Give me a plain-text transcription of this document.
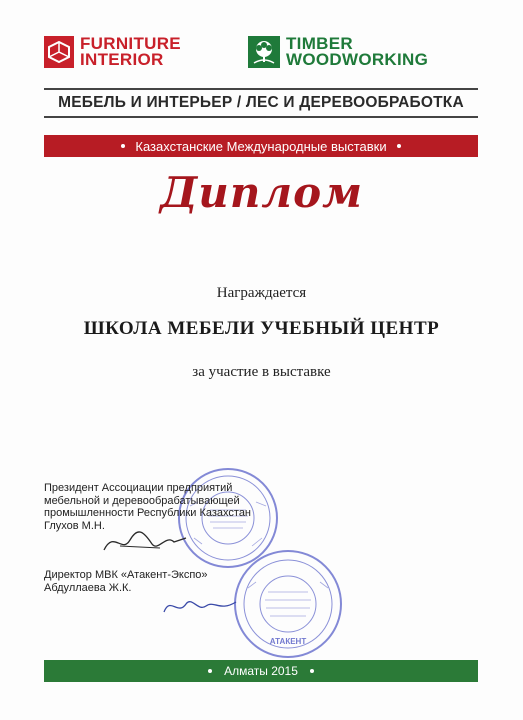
FURNITURE
INTERIOR
TIMBER
WOODWORKING
МЕБЕЛЬ И ИНТЕРЬЕР / ЛЕС И ДЕРЕВООБРАБОТКА
Казахстанские Международные выставки
Диплом
Награждается
ШКОЛА МЕБЕЛИ УЧЕБНЫЙ ЦЕНТР
за участие в выставке
Президент Ассоциации предприятий
мебельной и деревообрабатывающей
промышленности Республики Казахстан
Глухов М.Н.
АТАКЕНТ
Директор МВК «Атакент-Экспо»
Абдуллаева Ж.К.
Алматы 2015
